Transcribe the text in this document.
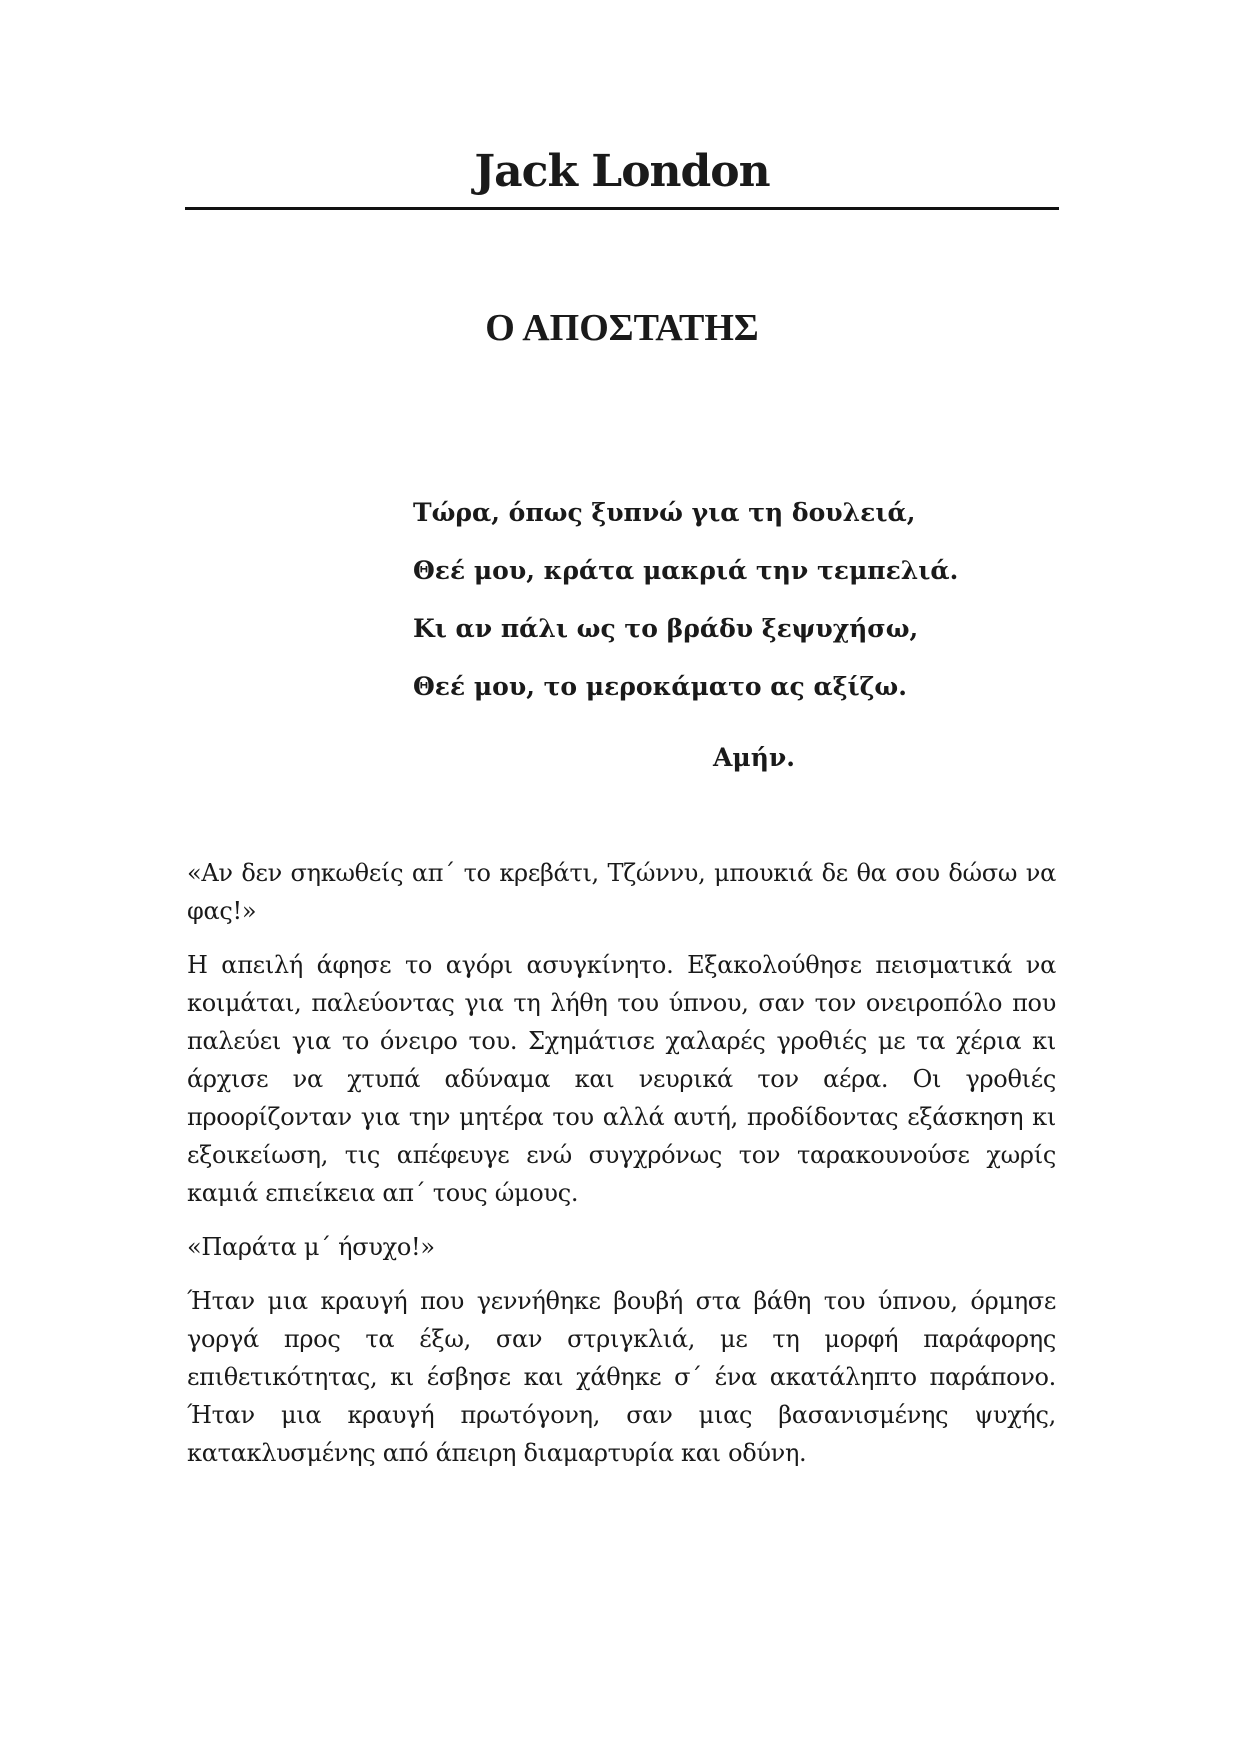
Jack London
Ο ΑΠΟΣΤΑΤΗΣ
Τώρα, όπως ξυπνώ για τη δουλειά,
Θεέ μου, κράτα μακριά την τεμπελιά.
Κι αν πάλι ως το βράδυ ξεψυχήσω,
Θεέ μου, το μεροκάματο ας αξίζω.

Αμήν.

«Αν δεν σηκωθείς απ΄ το κρεβάτι, Τζώννυ, μπουκιά δε θα σου δώσω να φας!»

Η απειλή άφησε το αγόρι ασυγκίνητο. Εξακολούθησε πεισματικά να κοιμάται, παλεύοντας για τη λήθη του ύπνου, σαν τον ονειροπόλο που παλεύει για το όνειρο του. Σχημάτισε χαλαρές γροθιές με τα χέρια κι άρχισε να χτυπά αδύναμα και νευρικά τον αέρα. Οι γροθιές προορίζονταν για την μητέρα του αλλά αυτή, προδίδοντας εξάσκηση κι εξοικείωση, τις απέφευγε ενώ συγχρόνως τον ταρακουνούσε χωρίς καμιά επιείκεια απ΄ τους ώμους.

«Παράτα μ΄ ήσυχο!»

Ήταν μια κραυγή που γεννήθηκε βουβή στα βάθη του ύπνου, όρμησε γοργά προς τα έξω, σαν στριγκλιά, με τη μορφή παράφορης επιθετικότητας, κι έσβησε και χάθηκε σ΄ ένα ακατάληπτο παράπονο. Ήταν μια κραυγή πρωτόγονη, σαν μιας βασανισμένης ψυχής, κατακλυσμένης από άπειρη διαμαρτυρία και οδύνη.
